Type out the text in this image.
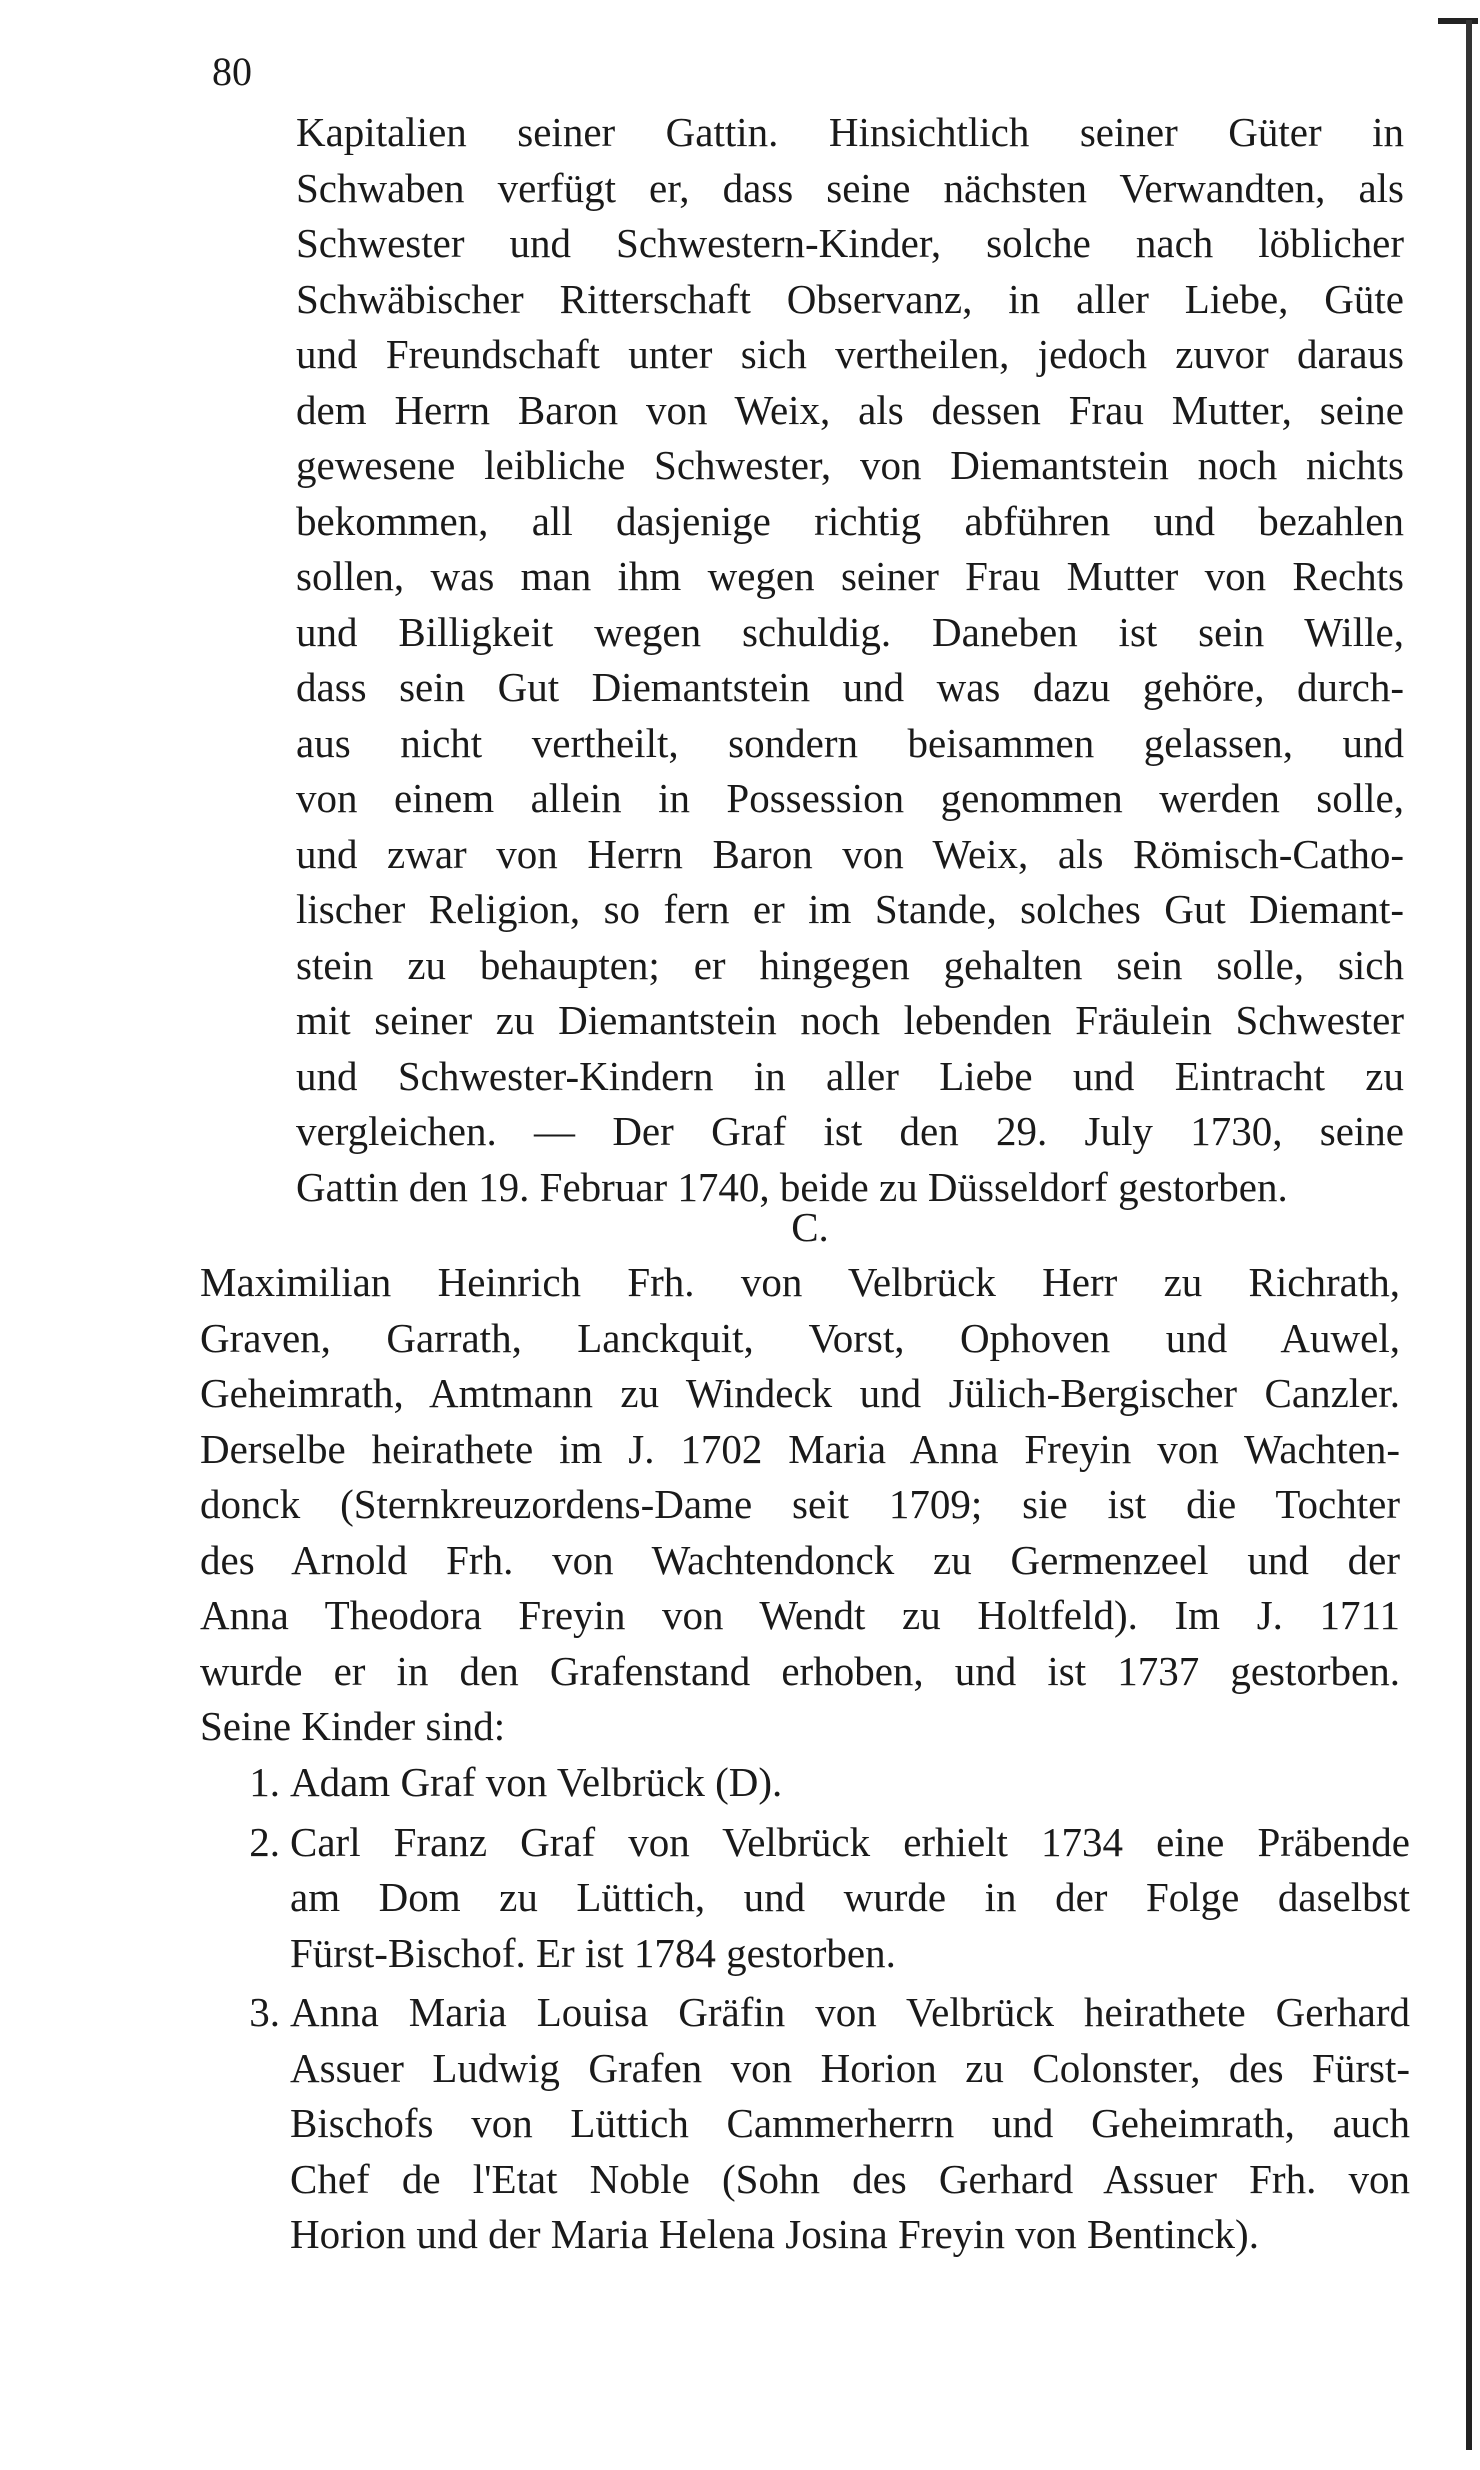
80
Kapitalien seiner Gattin. Hinsichtlich seiner Güter in
Schwaben verfügt er, dass seine nächsten Verwandten, als
Schwester und Schwestern-Kinder, solche nach löblicher
Schwäbischer Ritterschaft Observanz, in aller Liebe, Güte
und Freundschaft unter sich vertheilen, jedoch zuvor daraus
dem Herrn Baron von Weix, als dessen Frau Mutter, seine
gewesene leibliche Schwester, von Diemantstein noch nichts
bekommen, all dasjenige richtig abführen und bezahlen
sollen, was man ihm wegen seiner Frau Mutter von Rechts
und Billigkeit wegen schuldig. Daneben ist sein Wille,
dass sein Gut Diemantstein und was dazu gehöre, durch-
aus nicht vertheilt, sondern beisammen gelassen, und
von einem allein in Possession genommen werden solle,
und zwar von Herrn Baron von Weix, als Römisch-Catho-
lischer Religion, so fern er im Stande, solches Gut Diemant-
stein zu behaupten; er hingegen gehalten sein solle, sich
mit seiner zu Diemantstein noch lebenden Fräulein Schwester
und Schwester-Kindern in aller Liebe und Eintracht zu
vergleichen. — Der Graf ist den 29. July 1730, seine
Gattin den 19. Februar 1740, beide zu Düsseldorf gestorben.
C.
Maximilian Heinrich Frh. von Velbrück Herr zu Richrath,
Graven, Garrath, Lanckquit, Vorst, Ophoven und Auwel,
Geheimrath, Amtmann zu Windeck und Jülich-Bergischer Canzler.
Derselbe heirathete im J. 1702 Maria Anna Freyin von Wachten-
donck (Sternkreuzordens-Dame seit 1709; sie ist die Tochter
des Arnold Frh. von Wachtendonck zu Germenzeel und der
Anna Theodora Freyin von Wendt zu Holtfeld). Im J. 1711
wurde er in den Grafenstand erhoben, und ist 1737 gestorben.
Seine Kinder sind:
1. Adam Graf von Velbrück (D).
2. Carl Franz Graf von Velbrück erhielt 1734 eine Präbende
am Dom zu Lüttich, und wurde in der Folge daselbst
Fürst-Bischof. Er ist 1784 gestorben.
3. Anna Maria Louisa Gräfin von Velbrück heirathete Gerhard
Assuer Ludwig Grafen von Horion zu Colonster, des Fürst-
Bischofs von Lüttich Cammerherrn und Geheimrath, auch
Chef de l'Etat Noble (Sohn des Gerhard Assuer Frh. von
Horion und der Maria Helena Josina Freyin von Bentinck).
